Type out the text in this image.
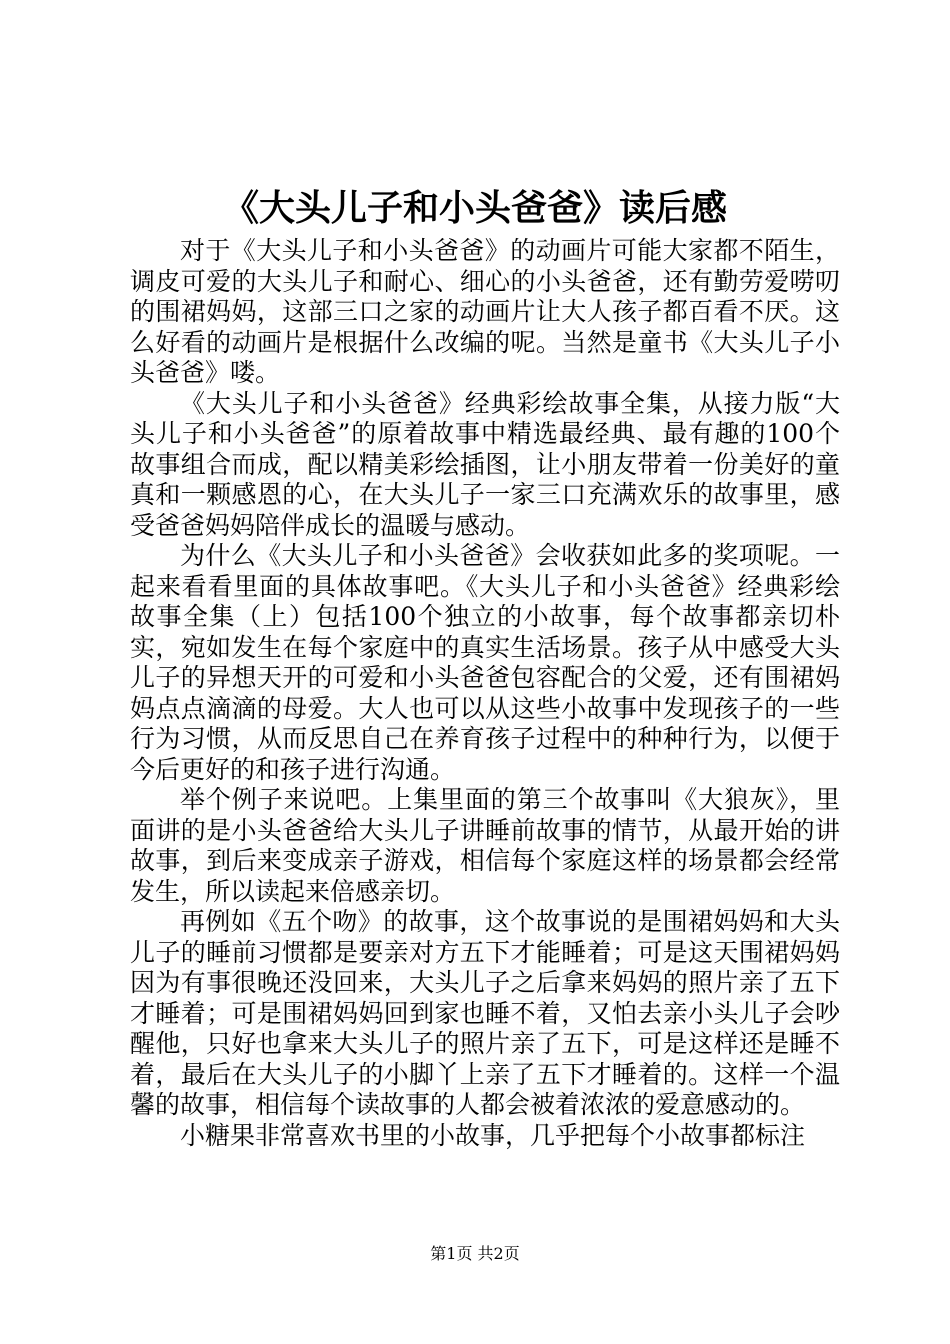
《大头儿子和小头爸爸》读后感

对于《大头儿子和小头爸爸》的动画片可能大家都不陌生，调皮可爱的大头儿子和耐心、细心的小头爸爸，还有勤劳爱唠叨的围裙妈妈，这部三口之家的动画片让大人孩子都百看不厌。这么好看的动画片是根据什么改编的呢。当然是童书《大头儿子小头爸爸》喽。

《大头儿子和小头爸爸》经典彩绘故事全集，从接力版“大头儿子和小头爸爸”的原着故事中精选最经典、最有趣的100个故事组合而成，配以精美彩绘插图，让小朋友带着一份美好的童真和一颗感恩的心，在大头儿子一家三口充满欢乐的故事里，感受爸爸妈妈陪伴成长的温暖与感动。

为什么《大头儿子和小头爸爸》会收获如此多的奖项呢。一起来看看里面的具体故事吧。《大头儿子和小头爸爸》经典彩绘故事全集（上）包括100个独立的小故事，每个故事都亲切朴实，宛如发生在每个家庭中的真实生活场景。孩子从中感受大头儿子的异想天开的可爱和小头爸爸包容配合的父爱，还有围裙妈妈点点滴滴的母爱。大人也可以从这些小故事中发现孩子的一些行为习惯，从而反思自己在养育孩子过程中的种种行为，以便于今后更好的和孩子进行沟通。

举个例子来说吧。上集里面的第三个故事叫《大狼灰》，里面讲的是小头爸爸给大头儿子讲睡前故事的情节，从最开始的讲故事，到后来变成亲子游戏，相信每个家庭这样的场景都会经常发生，所以读起来倍感亲切。

再例如《五个吻》的故事，这个故事说的是围裙妈妈和大头儿子的睡前习惯都是要亲对方五下才能睡着；可是这天围裙妈妈因为有事很晚还没回来，大头儿子之后拿来妈妈的照片亲了五下才睡着；可是围裙妈妈回到家也睡不着，又怕去亲小头儿子会吵醒他，只好也拿来大头儿子的照片亲了五下，可是这样还是睡不着，最后在大头儿子的小脚丫上亲了五下才睡着的。这样一个温馨的故事，相信每个读故事的人都会被着浓浓的爱意感动的。

小糖果非常喜欢书里的小故事，几乎把每个小故事都标注

第1页 共2页
